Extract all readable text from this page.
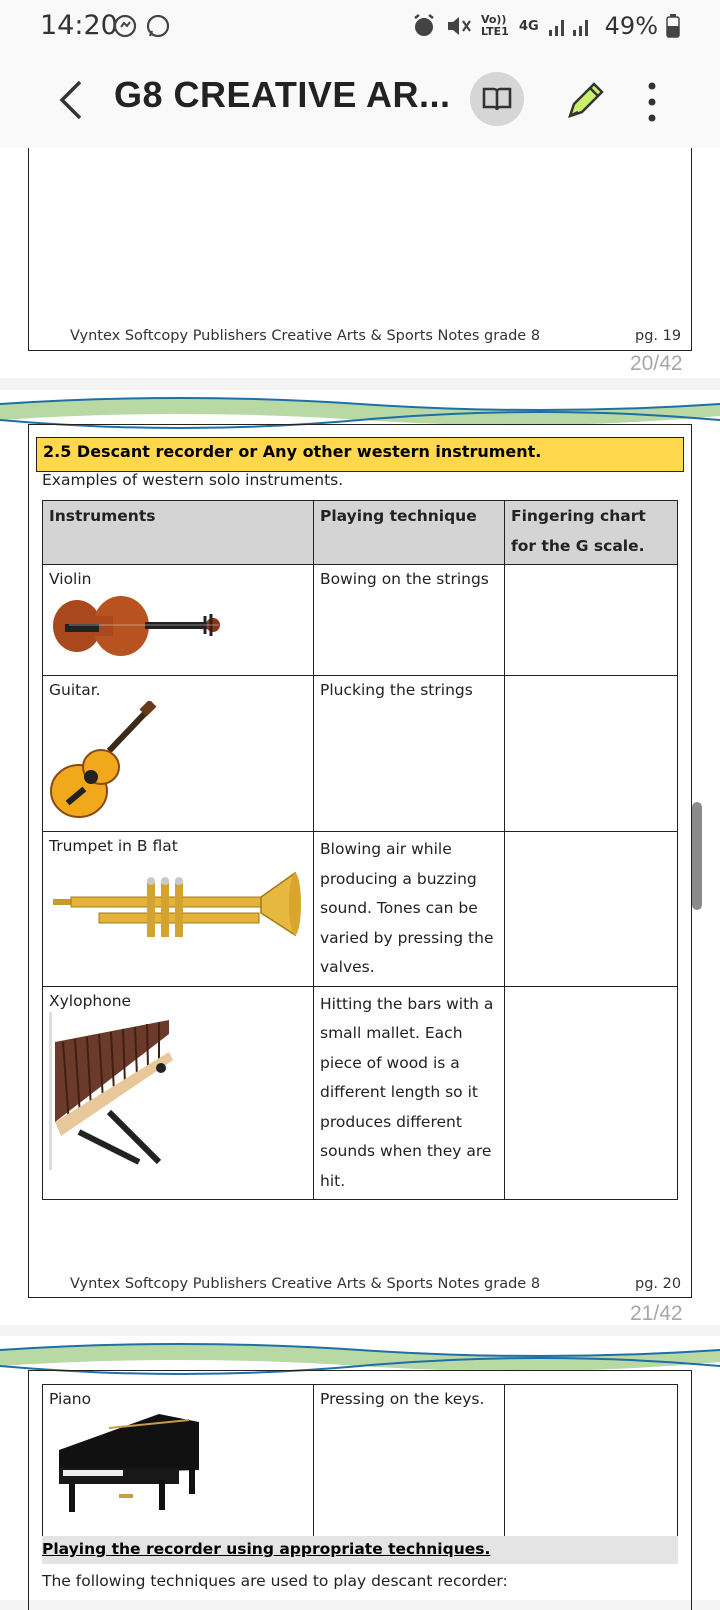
14:20	Vo)) LTE1 4G	49%
G8 CREATIVE AR...
Vyntex Softcopy Publishers Creative Arts & Sports Notes grade 8	pg. 19
20/42
2.5 Descant recorder or Any other western instrument.
Examples of western solo instruments.
Instruments	Playing technique	Fingering chart for the G scale.

Violin	Bowing on the strings	

Guitar.	Plucking the strings	

Trumpet in B flat	Blowing air while producing a buzzing sound. Tones can be varied by pressing the valves.	

Xylophone	Hitting the bars with a small mallet. Each piece of wood is a different length so it produces different sounds when they are hit.	

Vyntex Softcopy Publishers Creative Arts & Sports Notes grade 8	pg. 20
21/42
Piano	Pressing on the keys.

Playing the recorder using appropriate techniques.
The following techniques are used to play descant recorder:
